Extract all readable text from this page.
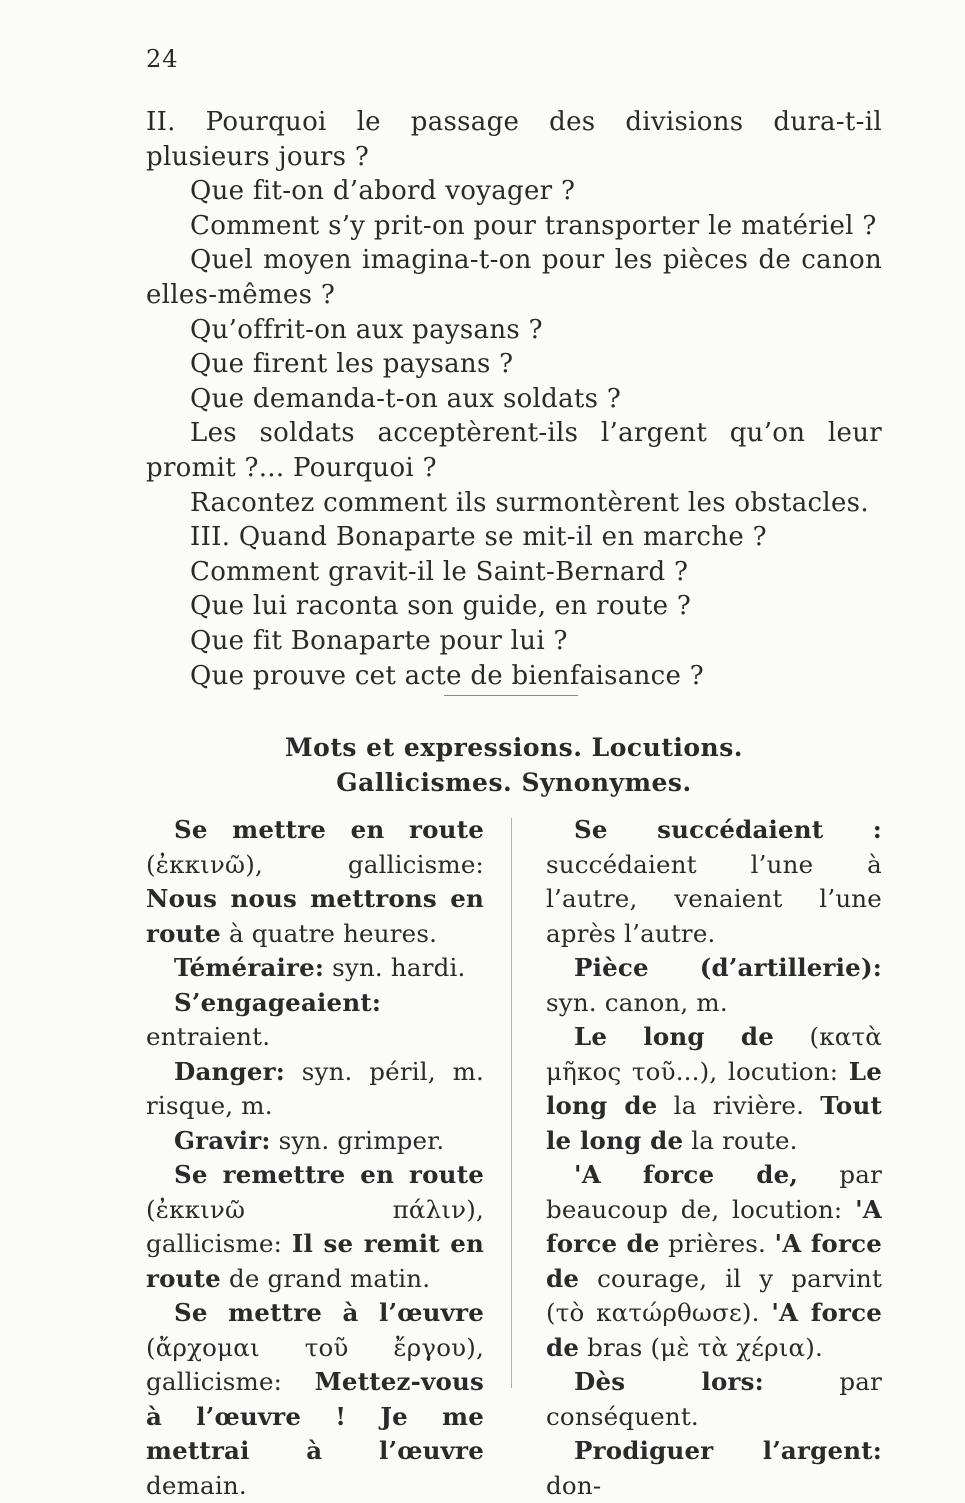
24

II. Pourquoi le passage des divisions dura-t-il plusieurs jours ?

Que fit-on d’abord voyager ?

Comment s’y prit-on pour transporter le matériel ?

Quel moyen imagina-t-on pour les pièces de canon elles-mêmes ?

Qu’offrit-on aux paysans ?

Que firent les paysans ?

Que demanda-t-on aux soldats ?

Les soldats acceptèrent-ils l’argent qu’on leur promit ?... Pourquoi ?

Racontez comment ils surmontèrent les obstacles.

III. Quand Bonaparte se mit-il en marche ?

Comment gravit-il le Saint-Bernard ?

Que lui raconta son guide, en route ?

Que fit Bonaparte pour lui ?

Que prouve cet acte de bienfaisance ?

Mots et expressions. Locutions.
Gallicismes. Synonymes.

Se mettre en route (ἐκκινῶ), gallicisme: Nous nous mettrons en route à quatre heures.

Téméraire: syn. hardi.

S’engageaient: entraient.

Danger: syn. péril, m. risque, m.

Gravir: syn. grimper.

Se remettre en route (ἐκκινῶ πάλιν), gallicisme: Il se remit en route de grand matin.

Se mettre à l’œuvre (ἄρχομαι τοῦ ἔργου), gallicisme: Mettez-vous à l’œuvre ! Je me mettrai à l’œuvre demain.

Se succédaient : succédaient l’une à l’autre, venaient l’une après l’autre.

Pièce (d’artillerie): syn. canon, m.

Le long de (κατὰ μῆκος τοῦ...), locution: Le long de la rivière. Tout le long de la route.

'A force de, par beaucoup de, locution: 'A force de prières. 'A force de courage, il y parvint (τὸ κατώρθωσε). 'A force de bras (μὲ τὰ χέρια).

Dès lors: par conséquent.

Prodiguer l’argent: don-
